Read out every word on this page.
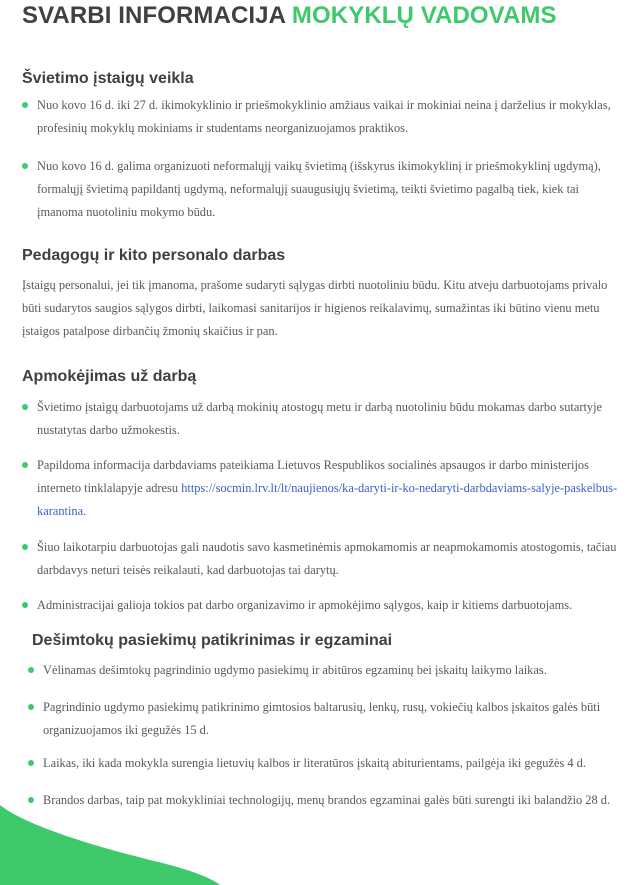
SVARBI INFORMACIJA MOKYKLŲ VADOVAMS
Švietimo įstaigų veikla
Nuo kovo 16 d. iki 27 d. ikimokyklinio ir priešmokyklinio amžiaus vaikai ir mokiniai neina į darželius ir mokyklas, profesinių mokyklų mokiniams ir studentams neorganizuojamos praktikos.
Nuo kovo 16 d. galima organizuoti neformalųjį vaikų švietimą (išskyrus ikimokyklinį ir priešmokyklinį ugdymą), formalųjį švietimą papildantį ugdymą, neformalųjį suaugusiųjų švietimą, teikti švietimo pagalbą tiek, kiek tai įmanoma nuotoliniu mokymo būdu.
Pedagogų ir kito personalo darbas

Įstaigų personalui, jei tik įmanoma, prašome sudaryti sąlygas dirbti nuotoliniu būdu. Kitu atveju darbuotojams privalo būti sudarytos saugios sąlygos dirbti, laikomasi sanitarijos ir higienos reikalavimų, sumažintas iki būtino vienu metu įstaigos patalpose dirbančių žmonių skaičius ir pan.

Apmokėjimas už darbą
Švietimo įstaigų darbuotojams už darbą mokinių atostogų metu ir darbą nuotoliniu būdu mokamas darbo sutartyje nustatytas darbo užmokestis.
Papildoma informacija darbdaviams pateikiama Lietuvos Respublikos socialinės apsaugos ir darbo ministerijos interneto tinklalapyje adresu https://socmin.lrv.lt/lt/naujienos/ka-daryti-ir-ko-nedaryti-darbdaviams-salyje-paskelbus-karantina.
Šiuo laikotarpiu darbuotojas gali naudotis savo kasmetinėmis apmokamomis ar neapmokamomis atostogomis, tačiau darbdavys neturi teisės reikalauti, kad darbuotojas tai darytų.
Administracijai galioja tokios pat darbo organizavimo ir apmokėjimo sąlygos, kaip ir kitiems darbuotojams.
Dešimtokų pasiekimų patikrinimas ir egzaminai
Vėlinamas dešimtokų pagrindinio ugdymo pasiekimų ir abitūros egzaminų bei įskaitų laikymo laikas.
Pagrindinio ugdymo pasiekimų patikrinimo gimtosios baltarusių, lenkų, rusų, vokiečių kalbos įskaitos galės būti organizuojamos iki gegužės 15 d.
Laikas, iki kada mokykla surengia lietuvių kalbos ir literatūros įskaitą abiturientams, pailgėja iki gegužės 4 d.
Brandos darbas, taip pat mokykliniai technologijų, menų brandos egzaminai galės būti surengti iki balandžio 28 d.
